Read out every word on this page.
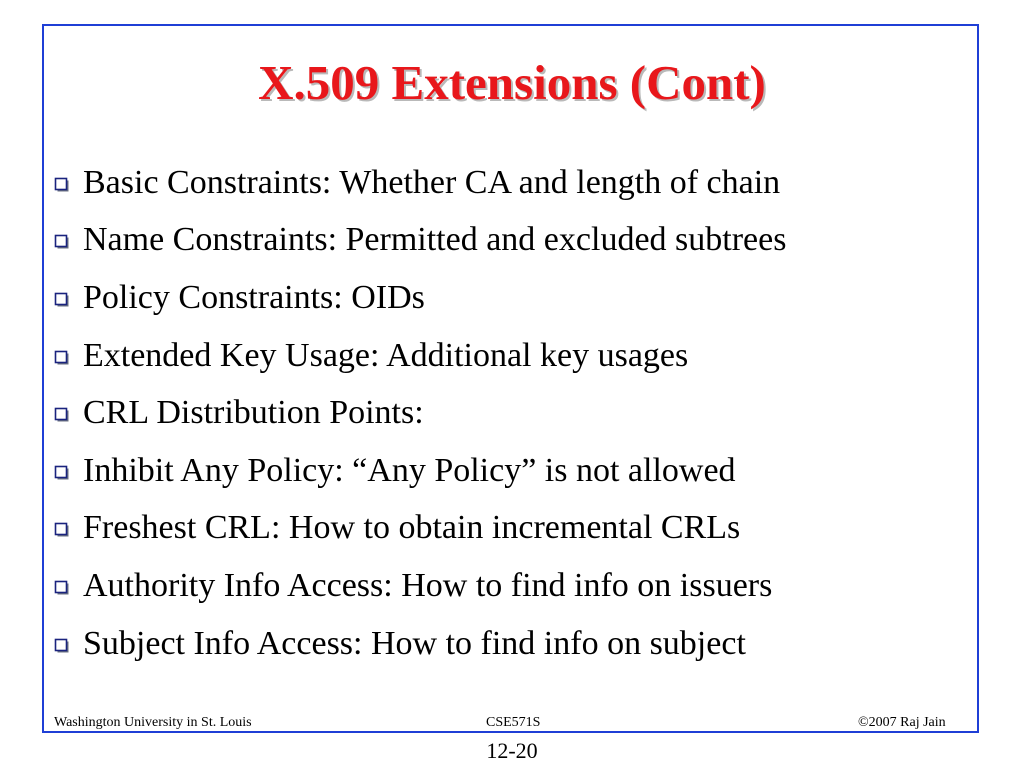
X.509 Extensions (Cont)
Basic Constraints: Whether CA and length of chain
Name Constraints: Permitted and excluded subtrees
Policy Constraints: OIDs
Extended Key Usage: Additional key usages
CRL Distribution Points:
Inhibit Any Policy: “Any Policy” is not allowed
Freshest CRL: How to obtain incremental CRLs
Authority Info Access: How to find info on issuers
Subject Info Access: How to find info on subject
Washington University in St. Louis	CSE571S	©2007 Raj Jain
12-20
